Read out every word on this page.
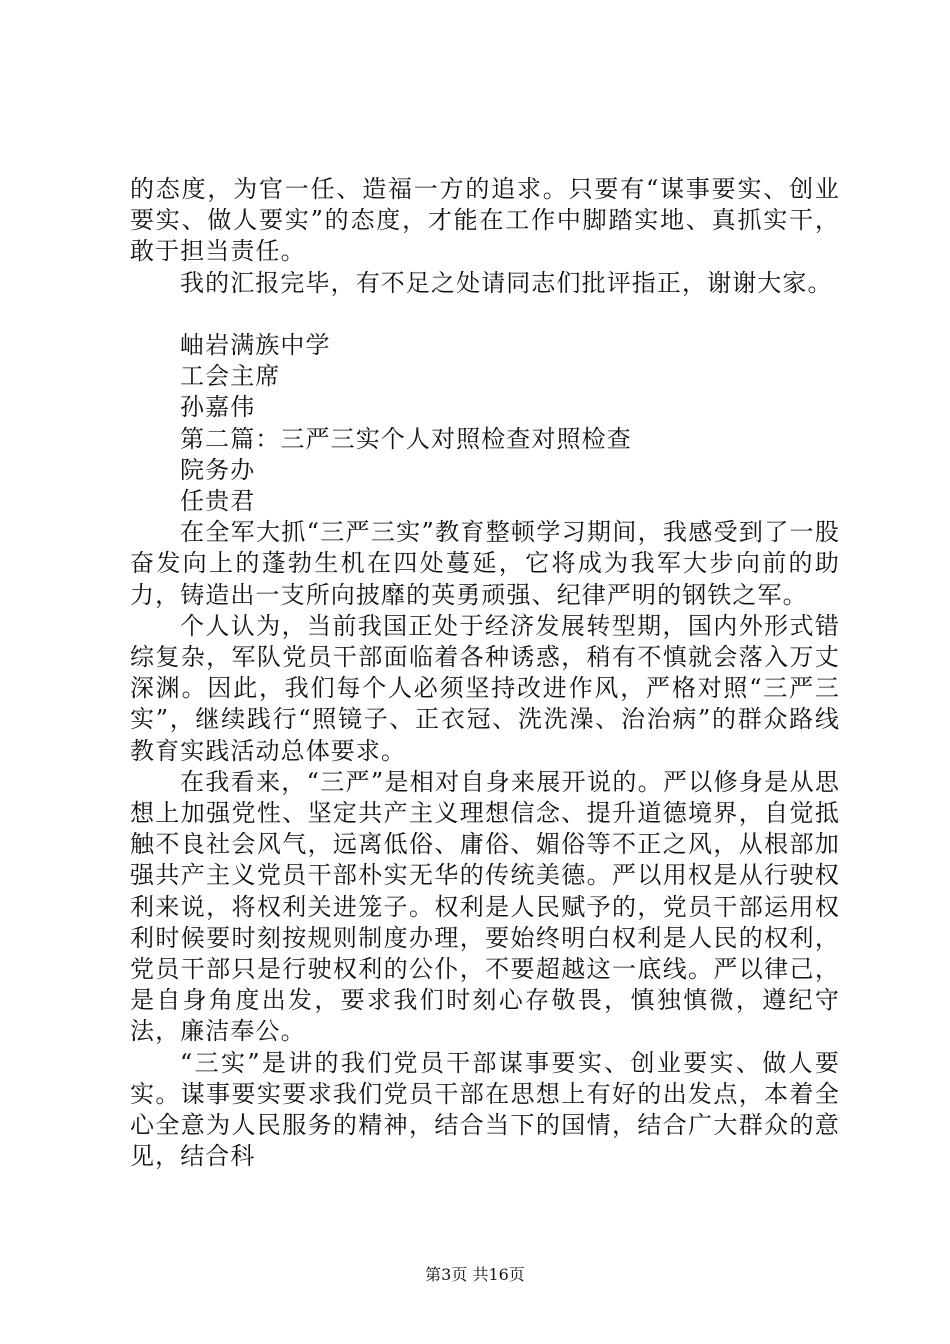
的态度，为官一任、造福一方的追求。只要有“谋事要实、创业要实、做人要实”的态度，才能在工作中脚踏实地、真抓实干，敢于担当责任。

我的汇报完毕，有不足之处请同志们批评指正，谢谢大家。

岫岩满族中学
工会主席
孙嘉伟
第二篇：三严三实个人对照检查对照检查
院务办
任贵君

在全军大抓“三严三实”教育整顿学习期间，我感受到了一股奋发向上的蓬勃生机在四处蔓延，它将成为我军大步向前的助力，铸造出一支所向披靡的英勇顽强、纪律严明的钢铁之军。

个人认为，当前我国正处于经济发展转型期，国内外形式错综复杂，军队党员干部面临着各种诱惑，稍有不慎就会落入万丈深渊。因此，我们每个人必须坚持改进作风，严格对照“三严三实”，继续践行“照镜子、正衣冠、洗洗澡、治治病”的群众路线教育实践活动总体要求。

在我看来，“三严”是相对自身来展开说的。严以修身是从思想上加强党性、坚定共产主义理想信念、提升道德境界，自觉抵触不良社会风气，远离低俗、庸俗、媚俗等不正之风，从根部加强共产主义党员干部朴实无华的传统美德。严以用权是从行驶权利来说，将权利关进笼子。权利是人民赋予的，党员干部运用权利时候要时刻按规则制度办理，要始终明白权利是人民的权利，党员干部只是行驶权利的公仆，不要超越这一底线。严以律己，是自身角度出发，要求我们时刻心存敬畏，慎独慎微，遵纪守法，廉洁奉公。

“三实”是讲的我们党员干部谋事要实、创业要实、做人要实。谋事要实要求我们党员干部在思想上有好的出发点，本着全心全意为人民服务的精神，结合当下的国情，结合广大群众的意见，结合科

第3页 共16页
